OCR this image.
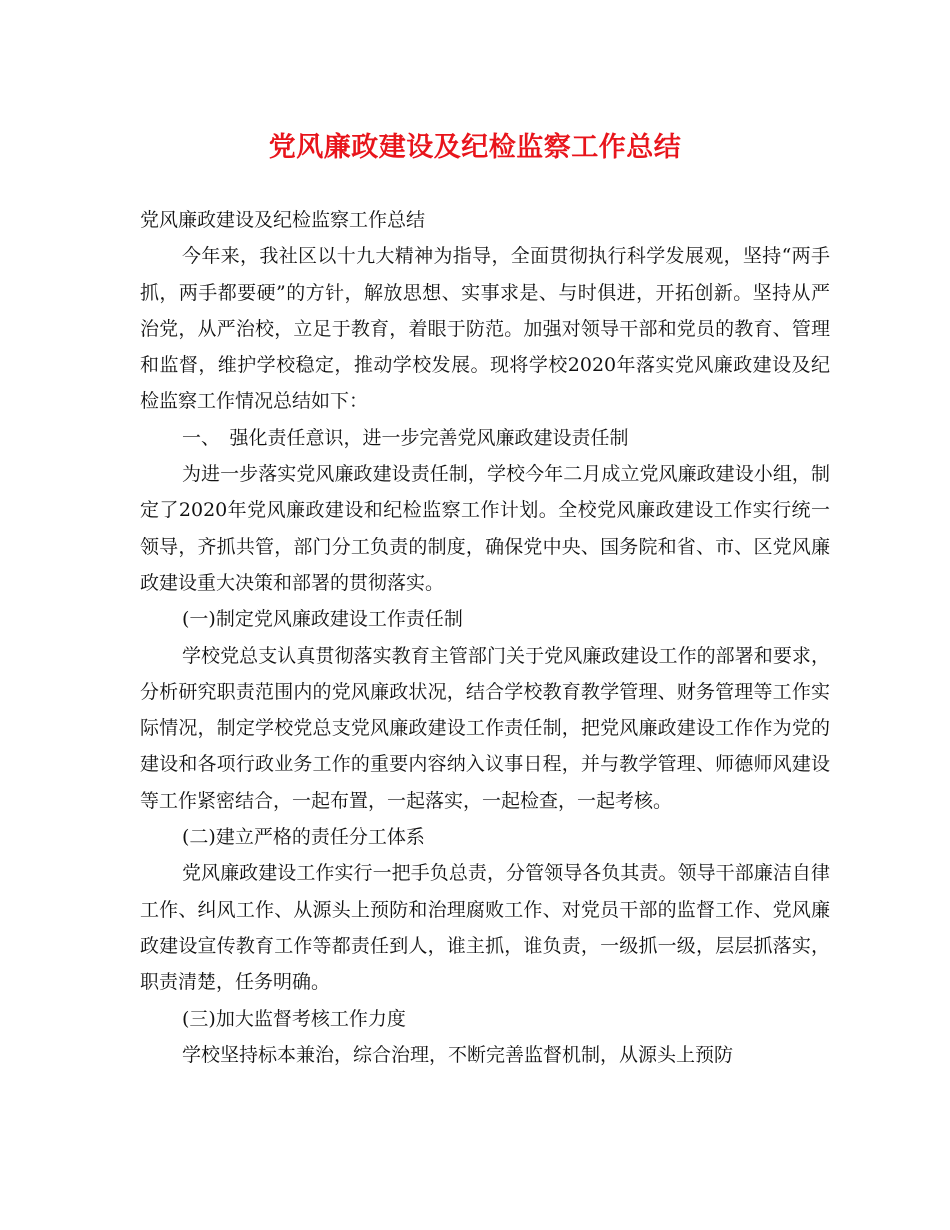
党风廉政建设及纪检监察工作总结

党风廉政建设及纪检监察工作总结

今年来，我社区以十九大精神为指导，全面贯彻执行科学发展观，坚持“两手抓，两手都要硬”的方针，解放思想、实事求是、与时俱进，开拓创新。坚持从严治党，从严治校，立足于教育，着眼于防范。加强对领导干部和党员的教育、管理和监督，维护学校稳定，推动学校发展。现将学校2020年落实党风廉政建设及纪检监察工作情况总结如下：

一、　强化责任意识，进一步完善党风廉政建设责任制

为进一步落实党风廉政建设责任制，学校今年二月成立党风廉政建设小组，制定了2020年党风廉政建设和纪检监察工作计划。全校党风廉政建设工作实行统一领导，齐抓共管，部门分工负责的制度，确保党中央、国务院和省、市、区党风廉政建设重大决策和部署的贯彻落实。

(一)制定党风廉政建设工作责任制

学校党总支认真贯彻落实教育主管部门关于党风廉政建设工作的部署和要求，分析研究职责范围内的党风廉政状况，结合学校教育教学管理、财务管理等工作实际情况，制定学校党总支党风廉政建设工作责任制，把党风廉政建设工作作为党的建设和各项行政业务工作的重要内容纳入议事日程，并与教学管理、师德师风建设等工作紧密结合，一起布置，一起落实，一起检查，一起考核。

(二)建立严格的责任分工体系

党风廉政建设工作实行一把手负总责，分管领导各负其责。领导干部廉洁自律工作、纠风工作、从源头上预防和治理腐败工作、对党员干部的监督工作、党风廉政建设宣传教育工作等都责任到人，谁主抓，谁负责，一级抓一级，层层抓落实，职责清楚，任务明确。

(三)加大监督考核工作力度

学校坚持标本兼治，综合治理，不断完善监督机制，从源头上预防
